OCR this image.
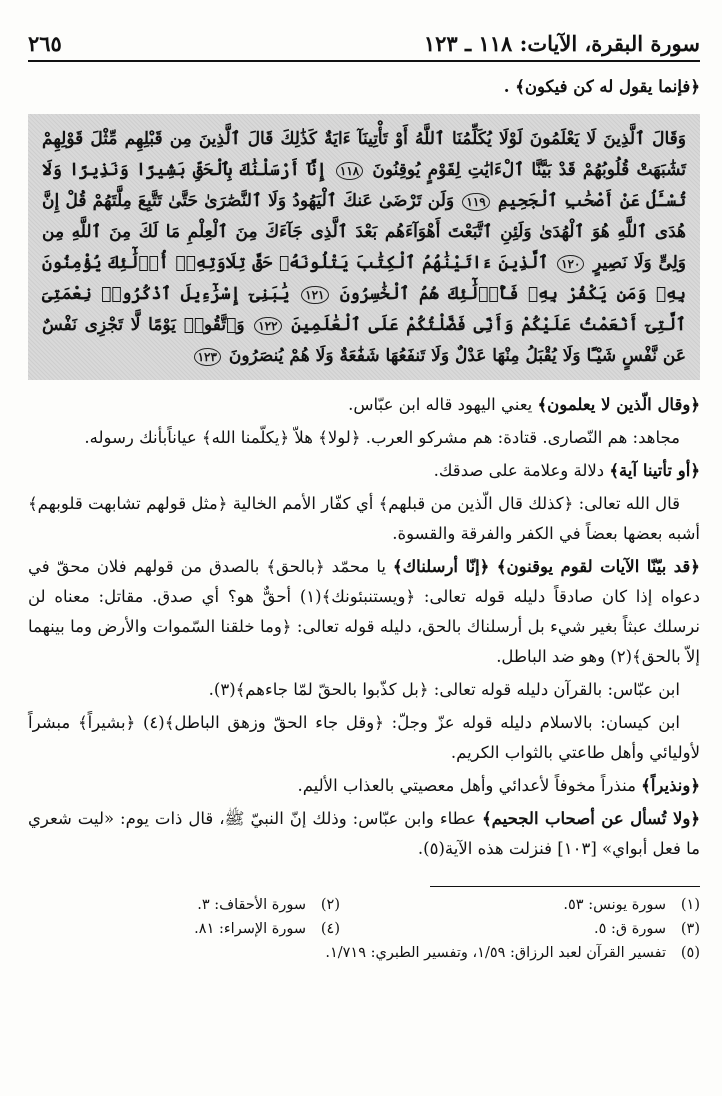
سورة البقرة، الآيات: ١١٨ ـ ١٢٣
٢٦٥

﴿فإنما يقول له كن فيكون﴾ .

وَقَالَ ٱلَّذِينَ لَا يَعْلَمُونَ لَوْلَا يُكَلِّمُنَا ٱللَّهُ أَوْ تَأْتِينَآ ءَايَةٌ كَذَٰلِكَ قَالَ ٱلَّذِينَ مِن قَبْلِهِم مِّثْلَ قَوْلِهِمْ تَشَٰبَهَتْ قُلُوبُهُمْ قَدْ بَيَّنَّا ٱلْءَايَٰتِ لِقَوْمٍ يُوقِنُونَ ١١٨ إِنَّآ أَرْسَلْنَٰكَ بِٱلْحَقِّ بَشِيرًا وَنَذِيرًا وَلَا تُسْـَٔلُ عَنْ أَصْحَٰبِ ٱلْجَحِيمِ ١١٩ وَلَن تَرْضَىٰ عَنكَ ٱلْيَهُودُ وَلَا ٱلنَّصَٰرَىٰ حَتَّىٰ تَتَّبِعَ مِلَّتَهُمْ قُلْ إِنَّ هُدَى ٱللَّهِ هُوَ ٱلْهُدَىٰ وَلَئِنِ ٱتَّبَعْتَ أَهْوَآءَهُم بَعْدَ ٱلَّذِى جَآءَكَ مِنَ ٱلْعِلْمِ مَا لَكَ مِنَ ٱللَّهِ مِن وَلِىٍّ وَلَا نَصِيرٍ ١٢٠ ٱلَّذِينَ ءَاتَيْنَٰهُمُ ٱلْكِتَٰبَ يَتْلُونَهُۥ حَقَّ تِلَاوَتِهِۦٓ أُو۟لَٰٓئِكَ يُؤْمِنُونَ بِهِۦ وَمَن يَكْفُرْ بِهِۦ فَأُو۟لَٰٓئِكَ هُمُ ٱلْخَٰسِرُونَ ١٢١ يَٰبَنِىٓ إِسْرَٰٓءِيلَ ٱذْكُرُوا۟ نِعْمَتِىَ ٱلَّتِىٓ أَنْعَمْتُ عَلَيْكُمْ وَأَنِّى فَضَّلْتُكُمْ عَلَى ٱلْعَٰلَمِينَ ١٢٢ وَٱتَّقُوا۟ يَوْمًا لَّا تَجْزِى نَفْسٌ عَن نَّفْسٍ شَيْـًٔا وَلَا يُقْبَلُ مِنْهَا عَدْلٌ وَلَا تَنفَعُهَا شَفَٰعَةٌ وَلَا هُمْ يُنصَرُونَ ١٢٣

﴿وقال الّذين لا يعلمون﴾ يعني اليهود قاله ابن عبّاس.

مجاهد: هم النّصارى. قتادة: هم مشركو العرب. ﴿لولا﴾ هلاّ ﴿يكلّمنا الله﴾ عياناًبأنك رسوله.

﴿أو تأتينا آية﴾ دلالة وعلامة على صدقك.

قال الله تعالى: ﴿كذلك قال الّذين من قبلهم﴾ أي كفّار الأمم الخالية ﴿مثل قولهم تشابهت قلوبهم﴾ أشبه بعضها بعضاً في الكفر والفرقة والقسوة.

﴿قد بيّنّا الآيات لقوم يوقنون﴾ ﴿إنّا أرسلناك﴾ يا محمّد ﴿بالحق﴾ بالصدق من قولهم فلان محقّ في دعواه إذا كان صادقاً دليله قوله تعالى: ﴿ويستنبئونك﴾(١) أحقٌّ هو؟ أي صدق. مقاتل: معناه لن نرسلك عبثاً بغير شيء بل أرسلناك بالحق، دليله قوله تعالى: ﴿وما خلقنا السّموات والأرض وما بينهما إلاّ بالحق﴾(٢) وهو ضد الباطل.

ابن عبّاس: بالقرآن دليله قوله تعالى: ﴿بل كذّبوا بالحقّ لمّا جاءهم﴾(٣).

ابن كيسان: بالاسلام دليله قوله عزّ وجلّ: ﴿وقل جاء الحقّ وزهق الباطل﴾(٤) ﴿بشيراً﴾ مبشراً لأوليائي وأهل طاعتي بالثواب الكريم.

﴿ونذيراً﴾ منذراً مخوفاً لأعدائي وأهل معصيتي بالعذاب الأليم.

﴿ولا تُسأل عن أصحاب الجحيم﴾ عطاء وابن عبّاس: وذلك إنّ النبيّ ﷺ، قال ذات يوم: «ليت شعري ما فعل أبواي» [١٠٣] فنزلت هذه الآية(٥).

(١)سورة يونس: ٥٣.
(٢)سورة الأحقاف: ٣.
(٣)سورة ق: ٥.
(٤)سورة الإسراء: ٨١.
(٥)تفسير القرآن لعبد الرزاق: ١/٥٩، وتفسير الطبري: ١/٧١٩.
